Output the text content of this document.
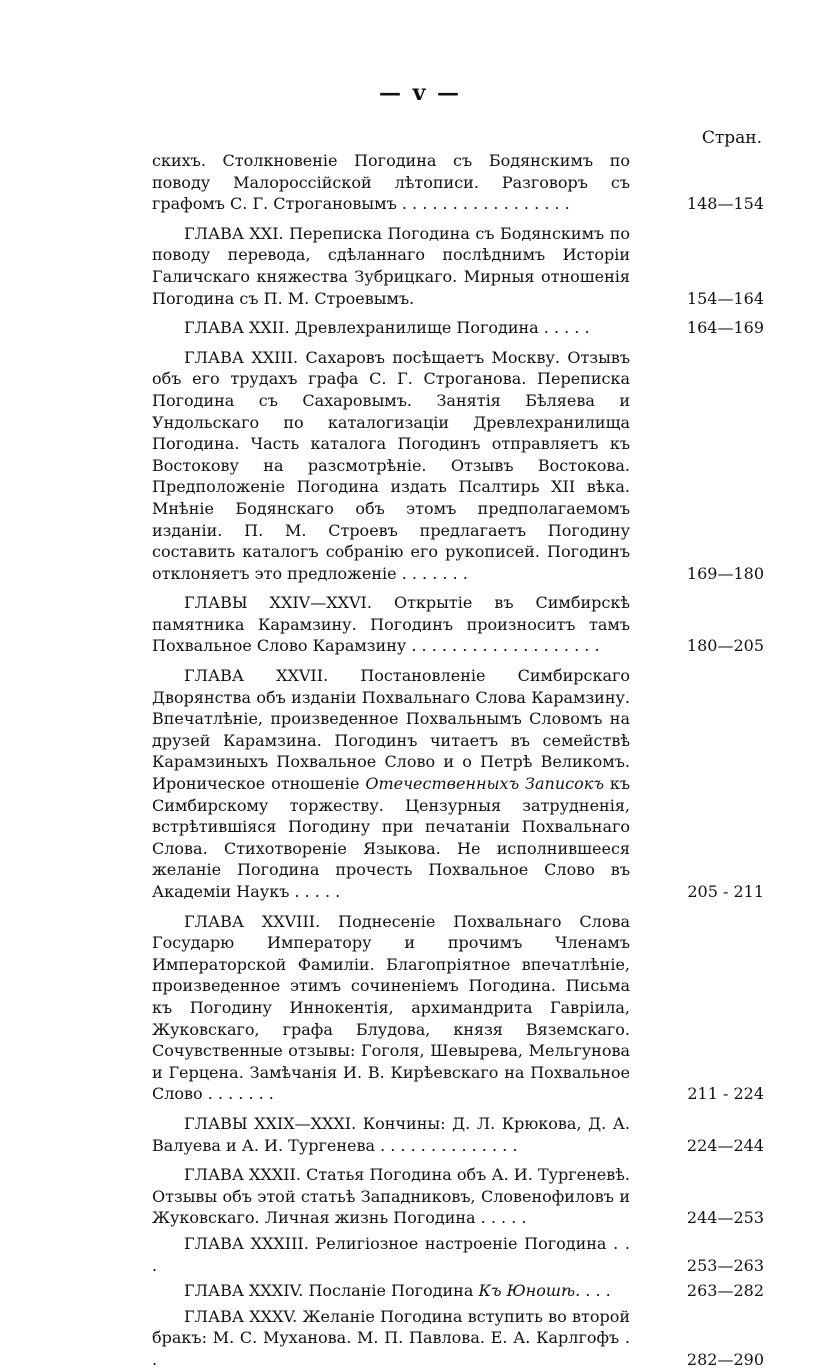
— v —
Стран.
скихъ. Столкновеніе Погодина съ Бодянскимъ по поводу Малороссійской лѣтописи. Разговоръ съ графомъ С. Г. Строгановымъ . . . . . . . . . . . . . . . . .	148—154
ГЛАВА XXI. Переписка Погодина съ Бодянскимъ по поводу перевода, сдѣланнаго послѣднимъ Исторіи Галичскаго княжества Зубрицкаго. Мирныя отношенія Погодина съ П. М. Строевымъ.	154—164
ГЛАВА XXII. Древлехранилище Погодина . . . . .	164—169
ГЛАВА XXIII. Сахаровъ посѣщаетъ Москву. Отзывъ объ его трудахъ графа С. Г. Строганова. Переписка Погодина съ Сахаровымъ. Занятія Бѣляева и Ундольскаго по каталогизаціи Древлехранилища Погодина. Часть каталога Погодинъ отправляетъ къ Востокову на разсмотрѣніе. Отзывъ Востокова. Предположеніе Погодина издать Псалтирь XII вѣка. Мнѣніе Бодянскаго объ этомъ предполагаемомъ изданіи. П. М. Строевъ предлагаетъ Погодину составить каталогъ собранію его рукописей. Погодинъ отклоняетъ это предложеніе . . . . . . .	169—180
ГЛАВЫ XXIV—XXVI. Открытіе въ Симбирскѣ памятника Карамзину. Погодинъ произноситъ тамъ Похвальное Слово Карамзину . . . . . . . . . . . . . . . . . . .	180—205
ГЛАВА XXVII. Постановленіе Симбирскаго Дворянства объ изданіи Похвальнаго Слова Карамзину. Впечатлѣніе, произведенное Похвальнымъ Словомъ на друзей Карамзина. Погодинъ читаетъ въ семействѣ Карамзиныхъ Похвальное Слово и о Петрѣ Великомъ. Ироническое отношеніе Отечественныхъ Записокъ къ Симбирскому торжеству. Цензурныя затрудненія, встрѣтившіяся Погодину при печатаніи Похвальнаго Слова. Стихотвореніе Языкова. Не исполнившееся желаніе Погодина прочесть Похвальное Слово въ Академіи Наукъ . . . . .	205 - 211
ГЛАВА XXVIII. Поднесеніе Похвальнаго Слова Государю Императору и прочимъ Членамъ Императорской Фамиліи. Благопріятное впечатлѣніе, произведенное этимъ сочиненіемъ Погодина. Письма къ Погодину Иннокентія, архимандрита Гавріила, Жуковскаго, графа Блудова, князя Вяземскаго. Сочувственные отзывы: Гоголя, Шевырева, Мельгунова и Герцена. Замѣчанія И. В. Кирѣевскаго на Похвальное Слово . . . . . . .	211 - 224
ГЛАВЫ XXIX—XXXI. Кончины: Д. Л. Крюкова, Д. А. Валуева и А. И. Тургенева . . . . . . . . . . . . . .	224—244
ГЛАВА XXXII. Статья Погодина объ А. И. Тургеневѣ. Отзывы объ этой статьѣ Западниковъ, Словенофиловъ и Жуковскаго. Личная жизнь Погодина . . . . .	244—253
ГЛАВА XXXIII. Религіозное настроеніе Погодина . . .	253—263
ГЛАВА XXXIV. Посланіе Погодина Къ Юношѣ. . . .	263—282
ГЛАВА XXXV. Желаніе Погодина вступить во второй бракъ: М. С. Муханова. М. П. Павлова. Е. А. Карлгофъ . .	282—290
